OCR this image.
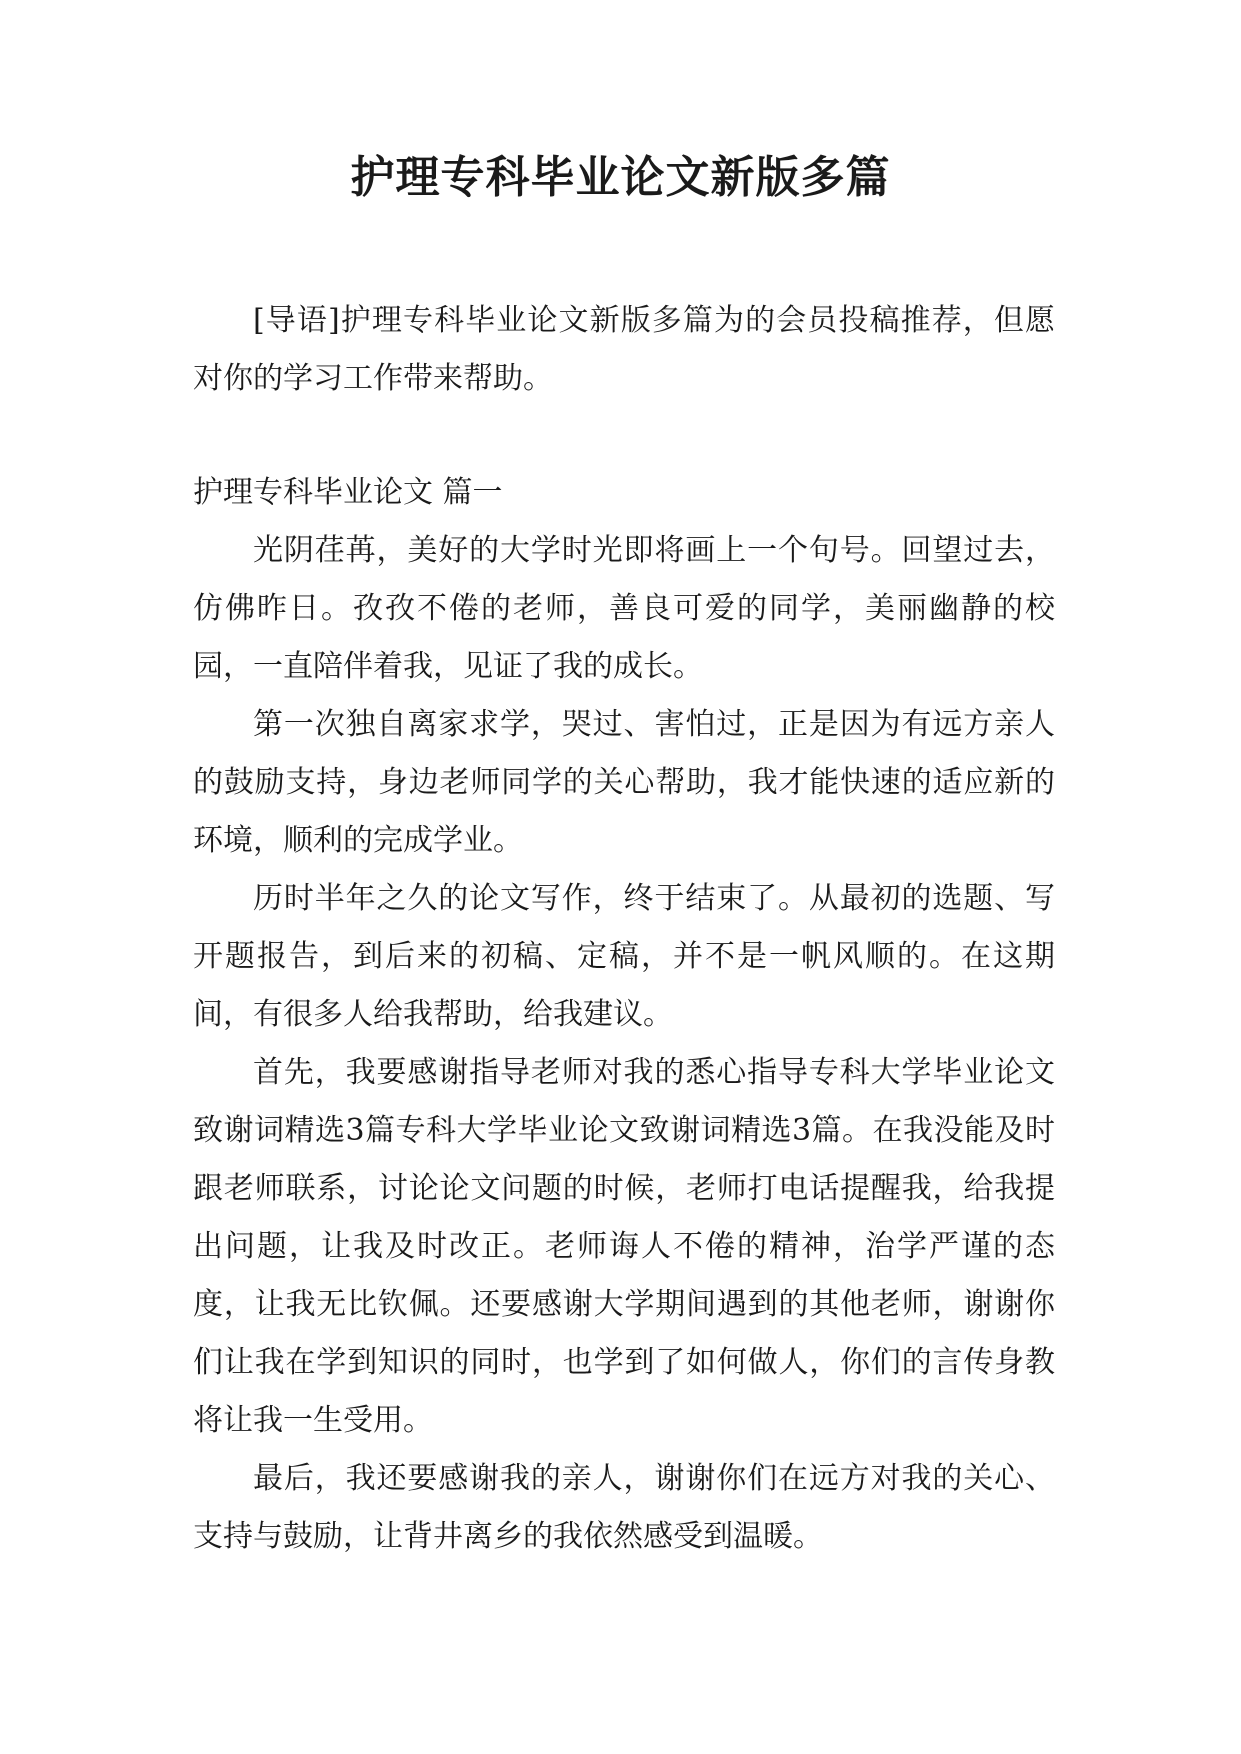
护理专科毕业论文新版多篇

[导语]护理专科毕业论文新版多篇为的会员投稿推荐，但愿对你的学习工作带来帮助。

护理专科毕业论文 篇一

光阴荏苒，美好的大学时光即将画上一个句号。回望过去，仿佛昨日。孜孜不倦的老师，善良可爱的同学，美丽幽静的校园，一直陪伴着我，见证了我的成长。

第一次独自离家求学，哭过、害怕过，正是因为有远方亲人的鼓励支持，身边老师同学的关心帮助，我才能快速的适应新的环境，顺利的完成学业。

历时半年之久的论文写作，终于结束了。从最初的选题、写开题报告，到后来的初稿、定稿，并不是一帆风顺的。在这期间，有很多人给我帮助，给我建议。

首先，我要感谢指导老师对我的悉心指导专科大学毕业论文致谢词精选3篇专科大学毕业论文致谢词精选3篇。在我没能及时跟老师联系，讨论论文问题的时候，老师打电话提醒我，给我提出问题，让我及时改正。老师诲人不倦的精神，治学严谨的态度，让我无比钦佩。还要感谢大学期间遇到的其他老师，谢谢你们让我在学到知识的同时，也学到了如何做人，你们的言传身教将让我一生受用。

最后，我还要感谢我的亲人，谢谢你们在远方对我的关心、支持与鼓励，让背井离乡的我依然感受到温暖。
